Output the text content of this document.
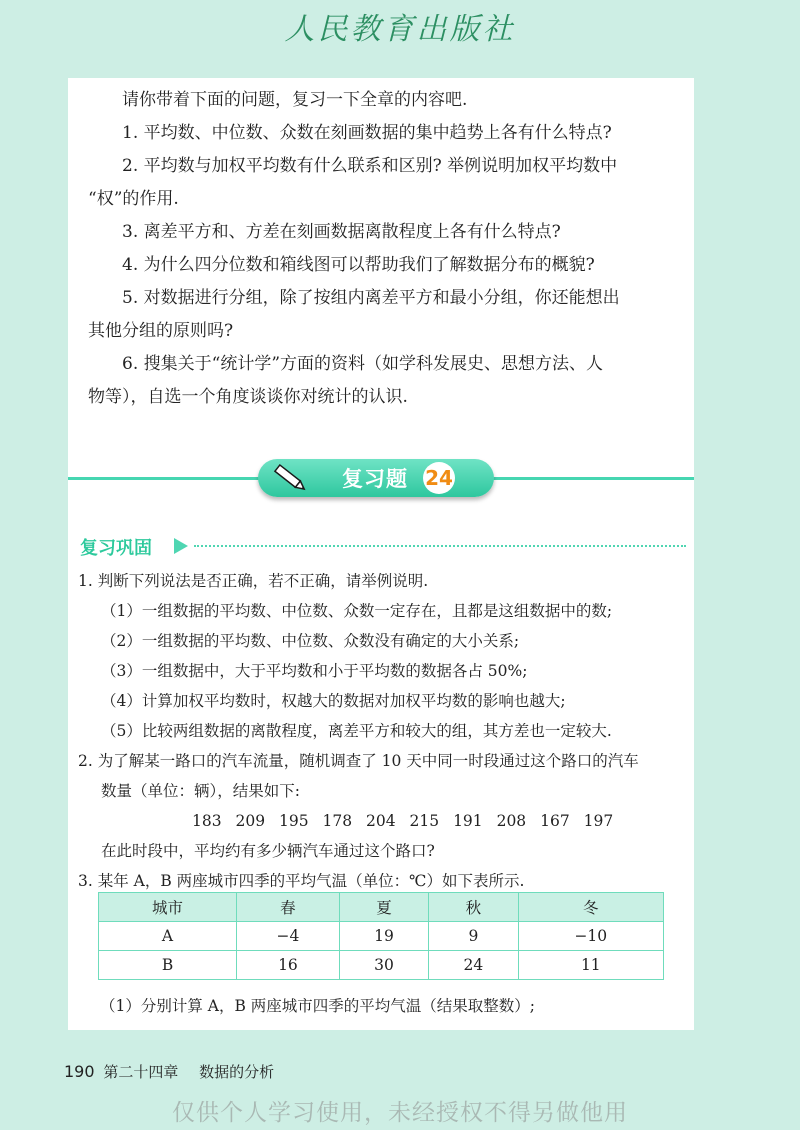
人民教育出版社

请你带着下面的问题，复习一下全章的内容吧.

1. 平均数、中位数、众数在刻画数据的集中趋势上各有什么特点?

2. 平均数与加权平均数有什么联系和区别? 举例说明加权平均数中

“权”的作用.

3. 离差平方和、方差在刻画数据离散程度上各有什么特点?

4. 为什么四分位数和箱线图可以帮助我们了解数据分布的概貌?

5. 对数据进行分组，除了按组内离差平方和最小分组，你还能想出

其他分组的原则吗?

6. 搜集关于“统计学”方面的资料（如学科发展史、思想方法、人

物等），自选一个角度谈谈你对统计的认识.

复习题 24
复习巩固

1. 判断下列说法是否正确，若不正确，请举例说明.

（1）一组数据的平均数、中位数、众数一定存在，且都是这组数据中的数;

（2）一组数据的平均数、中位数、众数没有确定的大小关系;

（3）一组数据中，大于平均数和小于平均数的数据各占 50%;

（4）计算加权平均数时，权越大的数据对加权平均数的影响也越大;

（5）比较两组数据的离散程度，离差平方和较大的组，其方差也一定较大.

2. 为了解某一路口的汽车流量，随机调查了 10 天中同一时段通过这个路口的汽车

数量（单位：辆），结果如下:

183 209 195 178 204 215 191 208 167 197

在此时段中，平均约有多少辆汽车通过这个路口?

3. 某年 A，B 两座城市四季的平均气温（单位：℃）如下表所示.

城市	春	夏	秋	冬
A	−4	19	9	−10
B	16	30	24	11
（1）分别计算 A，B 两座城市四季的平均气温（结果取整数）;
190 第二十四章 数据的分析
仅供个人学习使用，未经授权不得另做他用
